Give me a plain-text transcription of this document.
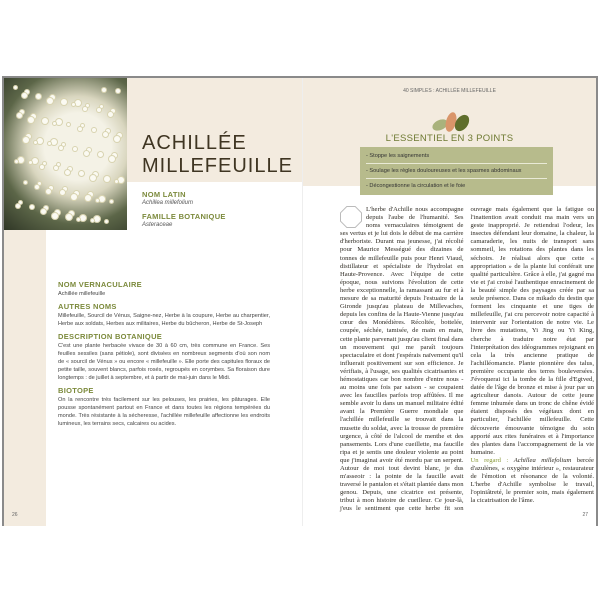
ACHILLÉE
MILLEFEUILLE
NOM LATIN
Achillea millefolium
FAMILLE BOTANIQUE
Asteraceae
NOM VERNACULAIRE
Achillée millefeuille
AUTRES NOMS
Millefeuille, Sourcil de Vénus, Saigne-nez, Herbe à la coupure, Herbe au charpentier, Herbe aux soldats, Herbes aux militaires, Herbe du bûcheron, Herbe de St-Joseph
DESCRIPTION BOTANIQUE
C'est une plante herbacée vivace de 30 à 60 cm, très commune en France. Ses feuilles sessiles (sans pétiole), sont divisées en nombreux segments d'où son nom de « sourcil de Vénus » ou encore « millefeuille ». Elle porte des capitules floraux de petite taille, souvent blancs, parfois rosés, regroupés en corymbes. Sa floraison dure longtemps : de juillet à septembre, et à partir de mai-juin dans le Midi.
BIOTOPE
On la rencontre très facilement sur les pelouses, les prairies, les pâturages. Elle pousse spontanément partout en France et dans toutes les régions tempérées du monde. Très résistante à la sécheresse, l'achillée millefeuille affectionne les endroits lumineux, les terrains secs, calcaires ou acides.
26
40 SIMPLES : ACHILLÉE MILLEFEUILLE
L'ESSENTIEL EN 3 POINTS
- Stoppe les saignements
- Soulage les règles douloureuses et les spasmes abdominaux
- Décongestionne la circulation et le foie
L'herbe d'Achille nous accompagne depuis l'aube de l'humanité. Ses noms vernaculaires témoignent de ses vertus et je lui dois le début de ma carrière d'herboriste. Durant ma jeunesse, j'ai récolté pour Maurice Mességué des dizaines de tonnes de millefeuille puis pour Henri Viaud, distillateur et spécialiste de l'hydrolat en Haute-Provence. Avec l'équipe de cette époque, nous suivions l'évolution de cette herbe exceptionnelle, la ramassant au fur et à mesure de sa maturité depuis l'estuaire de la Gironde jusqu'au plateau de Millevaches, depuis les confins de la Haute-Vienne jusqu'au cœur des Monédières. Récoltée, bottelée, coupée, séchée, tamisée, de main en main, cette plante parvenait jusqu'au client final dans un mouvement qui me paraît toujours spectaculaire et dont j'espérais naïvement qu'il influerait positivement sur son efficience. Je vérifiais, à l'usage, ses qualités cicatrisantes et hémostatiques car bon nombre d'entre nous - au moins une fois par saison - se coupaient avec les faucilles parfois trop affûtées. Il me semble avoir lu dans un manuel militaire édité avant la Première Guerre mondiale que l'achillée millefeuille se trouvait dans la musette du soldat, avec la trousse de première urgence, à côté de l'alcool de menthe et des pansements. Lors d'une cueillette, ma faucille ripa et je sentis une douleur violente au point que j'imaginai avoir été mordu par un serpent. Autour de moi tout devint blanc, je dus m'asseoir : la pointe de la faucille avait traversé le pantalon et s'était plantée dans mon genou. Depuis, une cicatrice est présente, tribut à mon histoire de cueilleur. Ce jour-là, j'eus le sentiment que cette herbe fit son ouvrage mais également que la fatigue ou l'inattention avait conduit ma main vers un geste inapproprié. Je retiendrai l'odeur, les insectes défendant leur domaine, la chaleur, la camaraderie, les nuits de transport sans sommeil, les rotations des plantes dans les séchoirs. Je réalisai alors que cette « appropriation » de la plante lui conférait une qualité particulière. Grâce à elle, j'ai gagné ma vie et j'ai croisé l'authentique enracinement de la beauté simple des paysages créée par sa seule présence. Dans ce mikado du destin que forment les cinquante et une tiges de millefeuille, j'ai cru percevoir notre capacité à intervenir sur l'orientation de notre vie. Le livre des mutations, Yi Jing ou Yi King, cherche à traduire notre état par l'interprétation des idéogrammes rejoignant en cela la très ancienne pratique de l'achilléomancie. Plante pionnière des talus, première occupante des terres bouleversées. J'évoquerai ici la tombe de la fille d'Egtved, datée de l'âge de bronze et mise à jour par un agriculteur danois. Autour de cette jeune femme inhumée dans un tronc de chêne évidé étaient disposés des végétaux dont en particulier, l'achillée millefeuille. Cette découverte émouvante témoigne du soin apporté aux rites funéraires et à l'importance des plantes dans l'accompagnement de la vie humaine.
Un regard : Achillea millefolium bercée d'azulènes, « oxygène intérieur », restaurateur de l'émotion et résonance de la volonté. L'herbe d'Achille symbolise le travail, l'opiniâtreté, le premier soin, mais également la cicatrisation de l'âme.
27
